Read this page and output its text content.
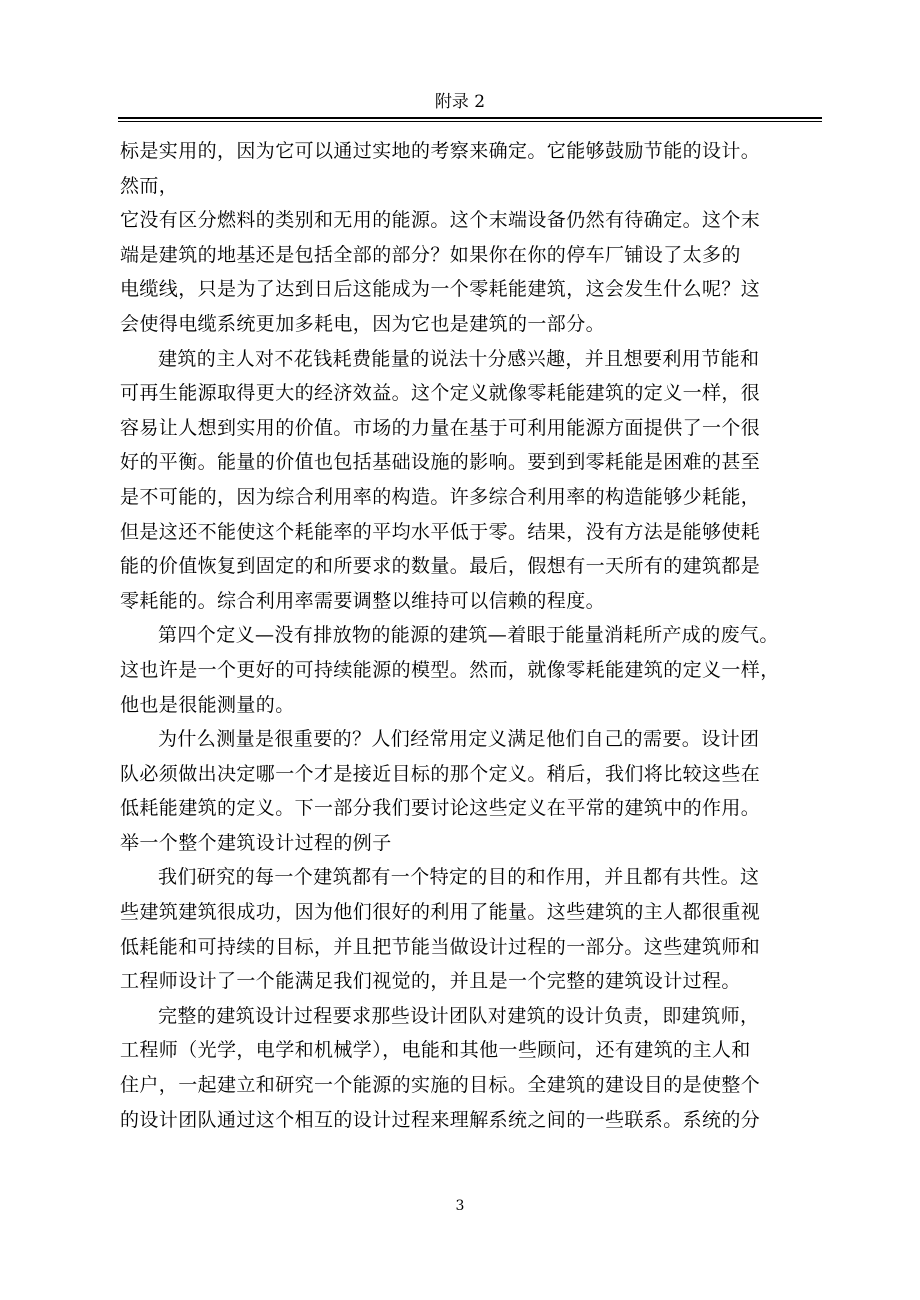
附录 2
标是实用的，因为它可以通过实地的考察来确定。它能够鼓励节能的设计。
然而，
它没有区分燃料的类别和无用的能源。这个末端设备仍然有待确定。这个末
端是建筑的地基还是包括全部的部分？如果你在你的停车厂铺设了太多的
电缆线，只是为了达到日后这能成为一个零耗能建筑，这会发生什么呢？这
会使得电缆系统更加多耗电，因为它也是建筑的一部分。
建筑的主人对不花钱耗费能量的说法十分感兴趣，并且想要利用节能和
可再生能源取得更大的经济效益。这个定义就像零耗能建筑的定义一样，很
容易让人想到实用的价值。市场的力量在基于可利用能源方面提供了一个很
好的平衡。能量的价值也包括基础设施的影响。要到到零耗能是困难的甚至
是不可能的，因为综合利用率的构造。许多综合利用率的构造能够少耗能，
但是这还不能使这个耗能率的平均水平低于零。结果，没有方法是能够使耗
能的价值恢复到固定的和所要求的数量。最后，假想有一天所有的建筑都是
零耗能的。综合利用率需要调整以维持可以信赖的程度。
第四个定义—没有排放物的能源的建筑—着眼于能量消耗所产成的废气。
这也许是一个更好的可持续能源的模型。然而，就像零耗能建筑的定义一样，
他也是很能测量的。
为什么测量是很重要的？人们经常用定义满足他们自己的需要。设计团
队必须做出决定哪一个才是接近目标的那个定义。稍后，我们将比较这些在
低耗能建筑的定义。下一部分我们要讨论这些定义在平常的建筑中的作用。
举一个整个建筑设计过程的例子
我们研究的每一个建筑都有一个特定的目的和作用，并且都有共性。这
些建筑建筑很成功，因为他们很好的利用了能量。这些建筑的主人都很重视
低耗能和可持续的目标，并且把节能当做设计过程的一部分。这些建筑师和
工程师设计了一个能满足我们视觉的，并且是一个完整的建筑设计过程。
完整的建筑设计过程要求那些设计团队对建筑的设计负责，即建筑师，
工程师（光学，电学和机械学），电能和其他一些顾问，还有建筑的主人和
住户，一起建立和研究一个能源的实施的目标。全建筑的建设目的是使整个
的设计团队通过这个相互的设计过程来理解系统之间的一些联系。系统的分
3
